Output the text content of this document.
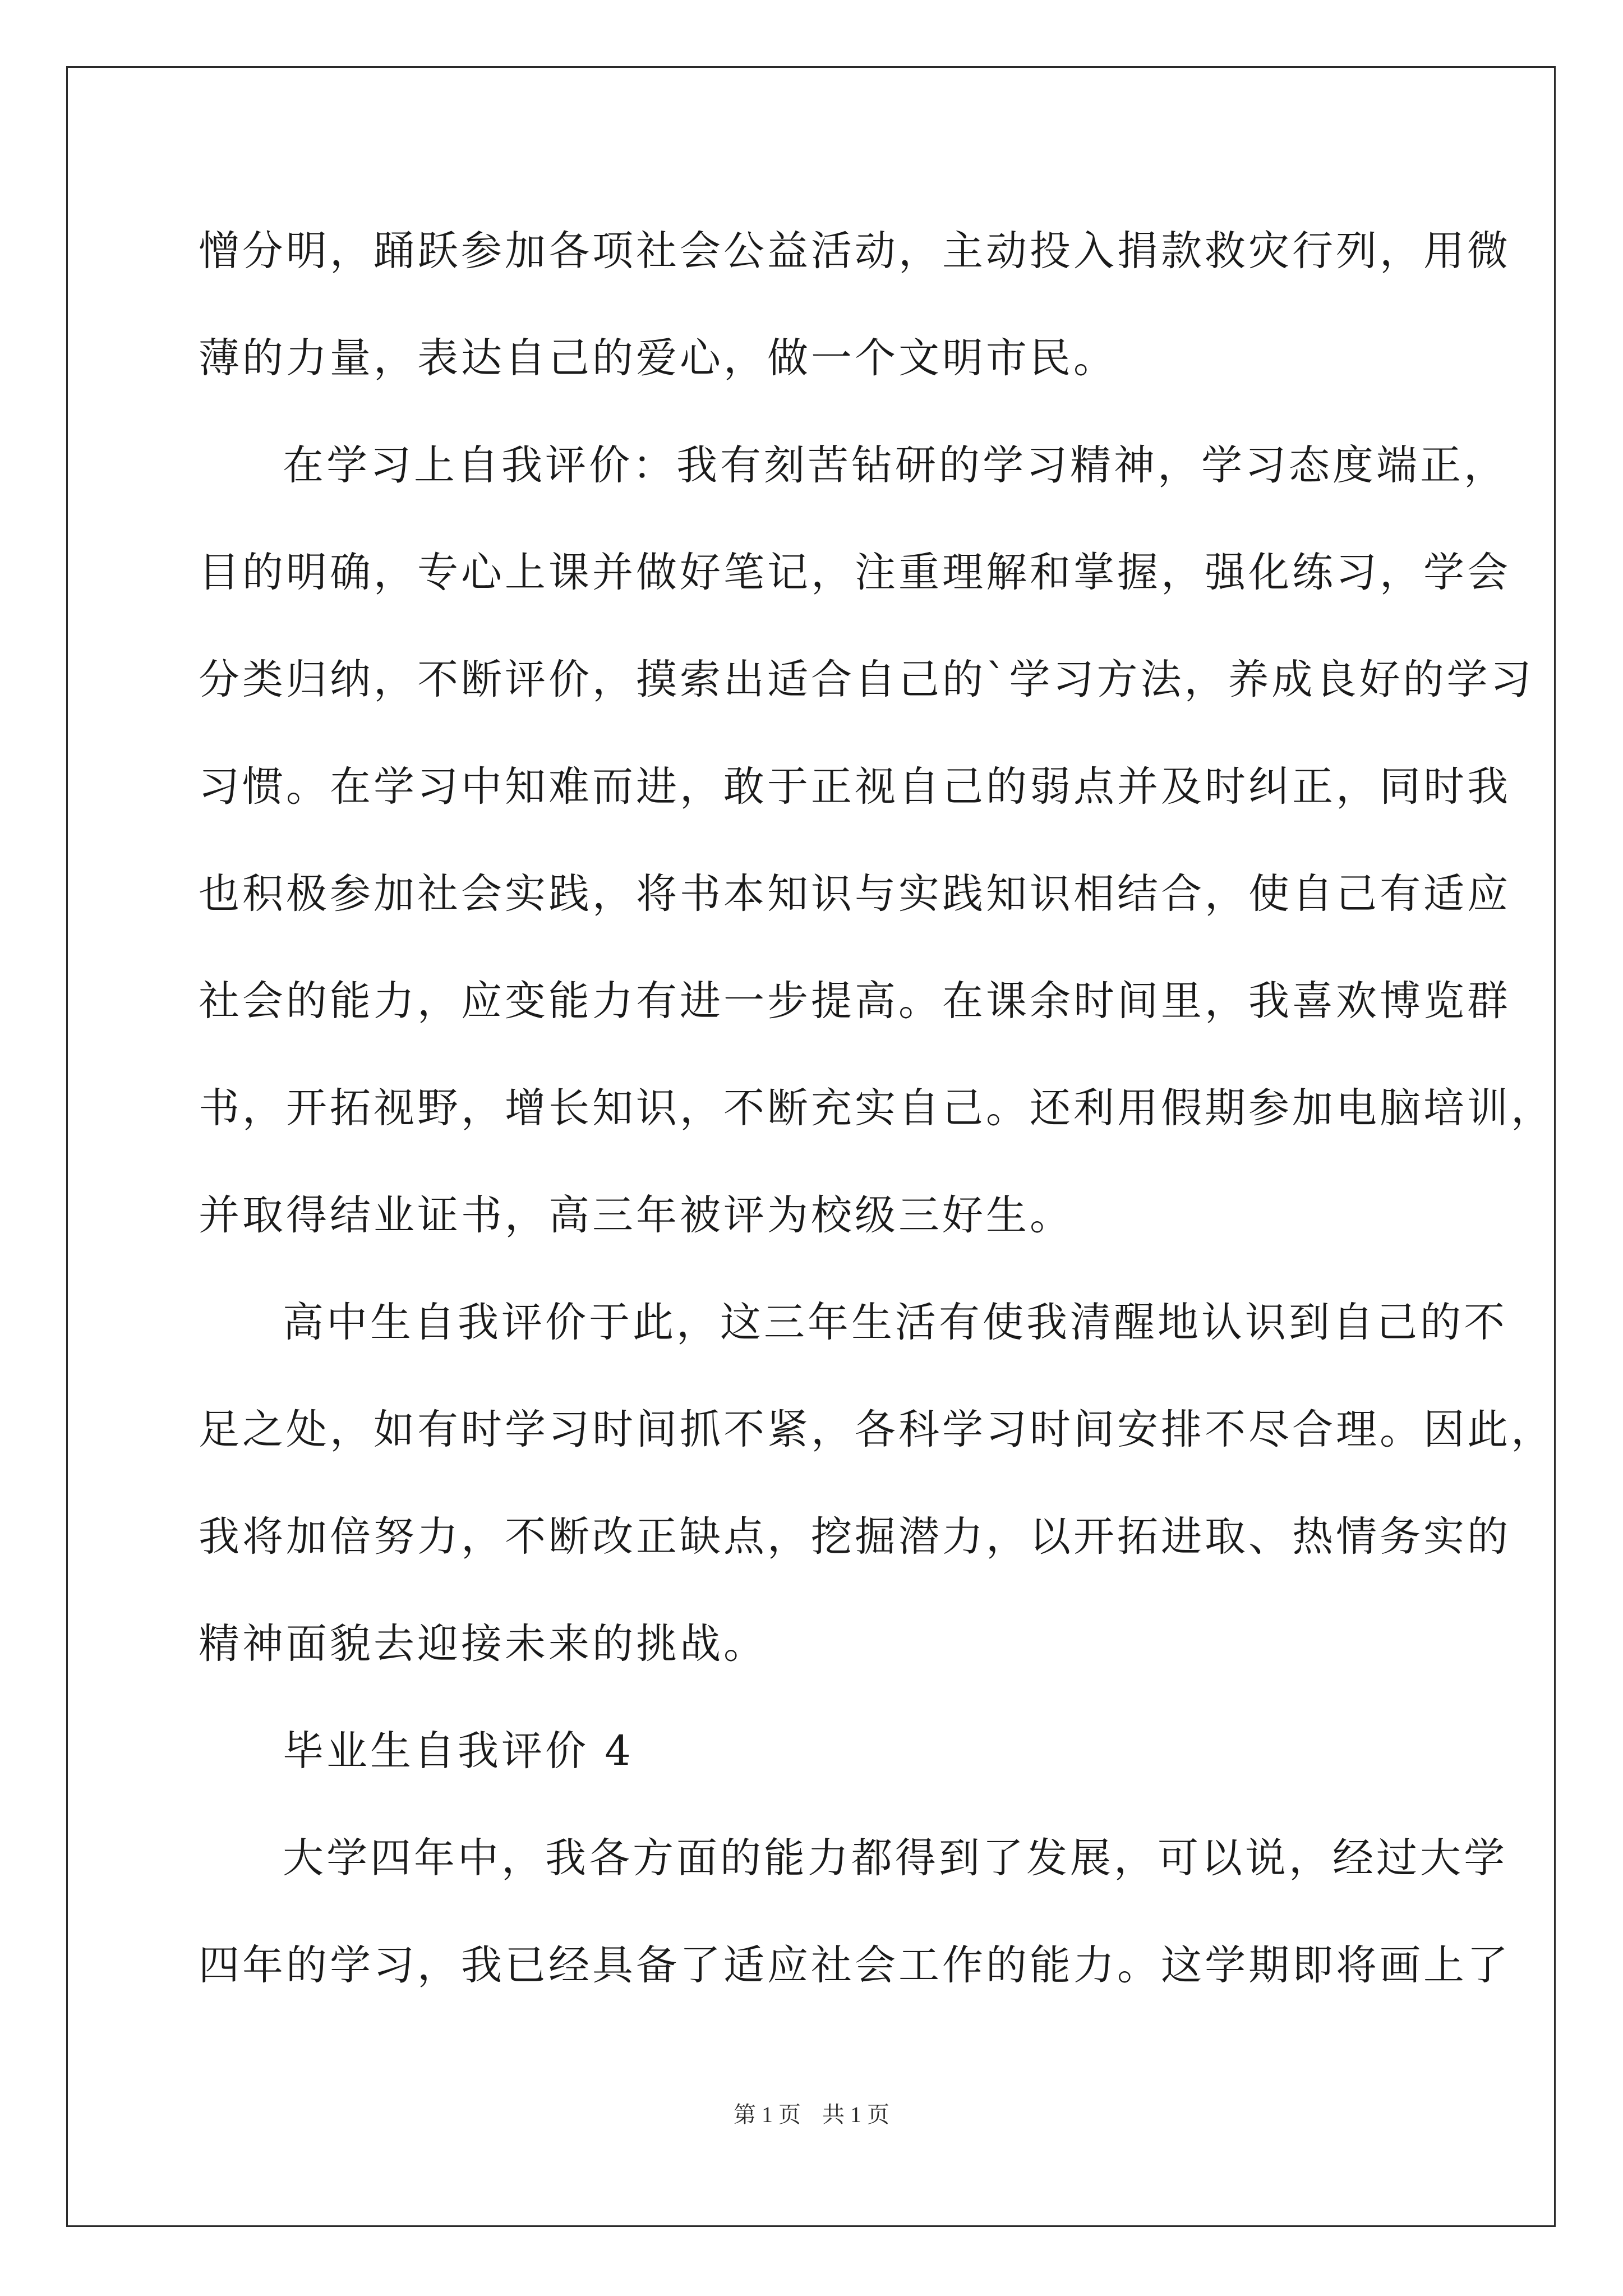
憎分明，踊跃参加各项社会公益活动，主动投入捐款救灾行列，用微

薄的力量，表达自己的爱心，做一个文明市民。

在学习上自我评价：我有刻苦钻研的学习精神，学习态度端正，

目的明确，专心上课并做好笔记，注重理解和掌握，强化练习，学会

分类归纳，不断评价，摸索出适合自己的`学习方法，养成良好的学习

习惯。在学习中知难而进，敢于正视自己的弱点并及时纠正，同时我

也积极参加社会实践，将书本知识与实践知识相结合，使自己有适应

社会的能力，应变能力有进一步提高。在课余时间里，我喜欢博览群

书，开拓视野，增长知识，不断充实自己。还利用假期参加电脑培训，

并取得结业证书，高三年被评为校级三好生。

高中生自我评价于此，这三年生活有使我清醒地认识到自己的不

足之处，如有时学习时间抓不紧，各科学习时间安排不尽合理。因此，

我将加倍努力，不断改正缺点，挖掘潜力，以开拓进取、热情务实的

精神面貌去迎接未来的挑战。

毕业生自我评价 4

大学四年中，我各方面的能力都得到了发展，可以说，经过大学

四年的学习，我已经具备了适应社会工作的能力。这学期即将画上了

第 1 页 共 1 页
